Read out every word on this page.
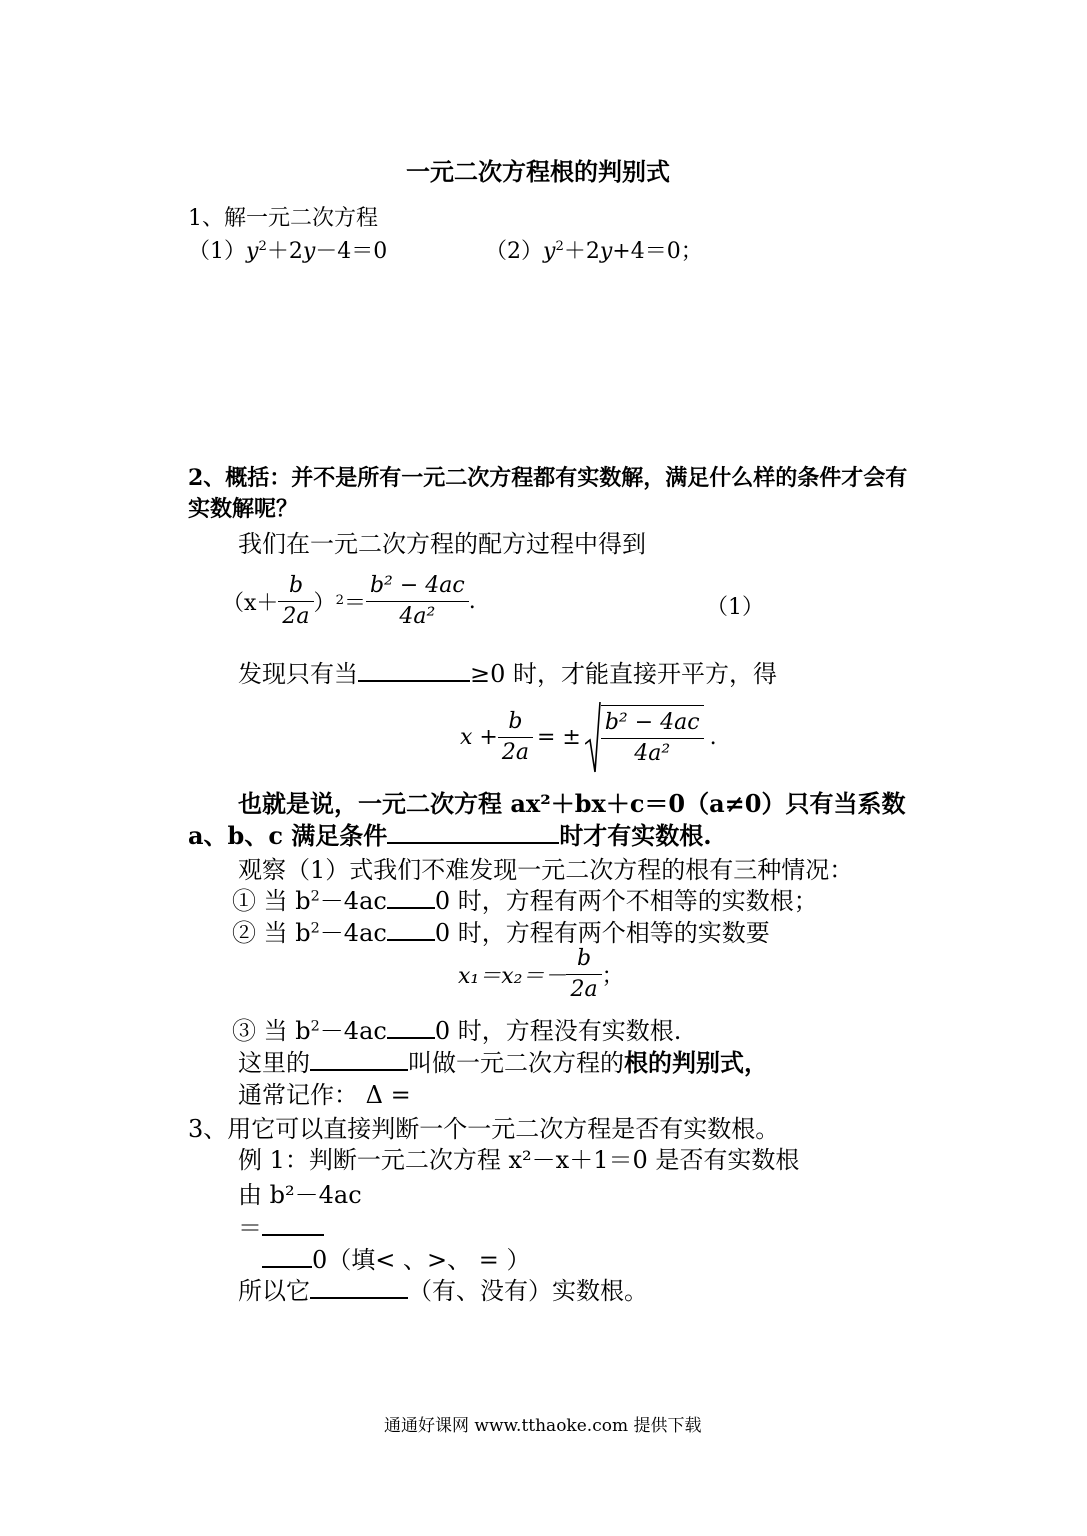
一元二次方程根的判别式
1、解一元二次方程
$(1)y^2+2y-4=0$	$(2)y^2+2y+4=0$；
2、概括：并不是所有一元二次方程都有实数解，满足什么样的条件才会有
实数解呢？
我们在一元二次方程的配方过程中得到
（$x+ \frac{b}{2a}$ ） $2 = \frac{\text{b² − 4ac}}{\text{4a²}}$ .	（1）
发现只有当	≥0 时，才能直接开平方，得
$x + \frac{b}{2a}$ = ± $\frac{\text{b² − 4ac}}{\text{4a²}}$ .
也就是说，一元二次方程 ax²＋bx＋c＝0（a≠0）只有当系数
a、b、c 满足条件	时才有实数根.
观察（1）式我们不难发现一元二次方程的根有三种情况：
① 当 $b^2-4ac$ 0 时，方程有两个不相等的实数根；
② 当 $b^2-4ac$ 0 时，方程有两个相等的实数要
$x_1=x_2=- \frac{b}{2a}$ ；
③ 当 $b^2-4ac$ 0 时，方程没有实数根.
这里的	叫做一元二次方程的根的判别式，
通常记作： Δ =
3、用它可以直接判断一个一元二次方程是否有实数根。
例 1：判断一元二次方程 x²－x＋1＝0 是否有实数根
由 b²－4ac
＝
0（填< 、>、 = ）
所以它	（有、没有）实数根。
通通好课网 www.tthaoke.com 提供下载
